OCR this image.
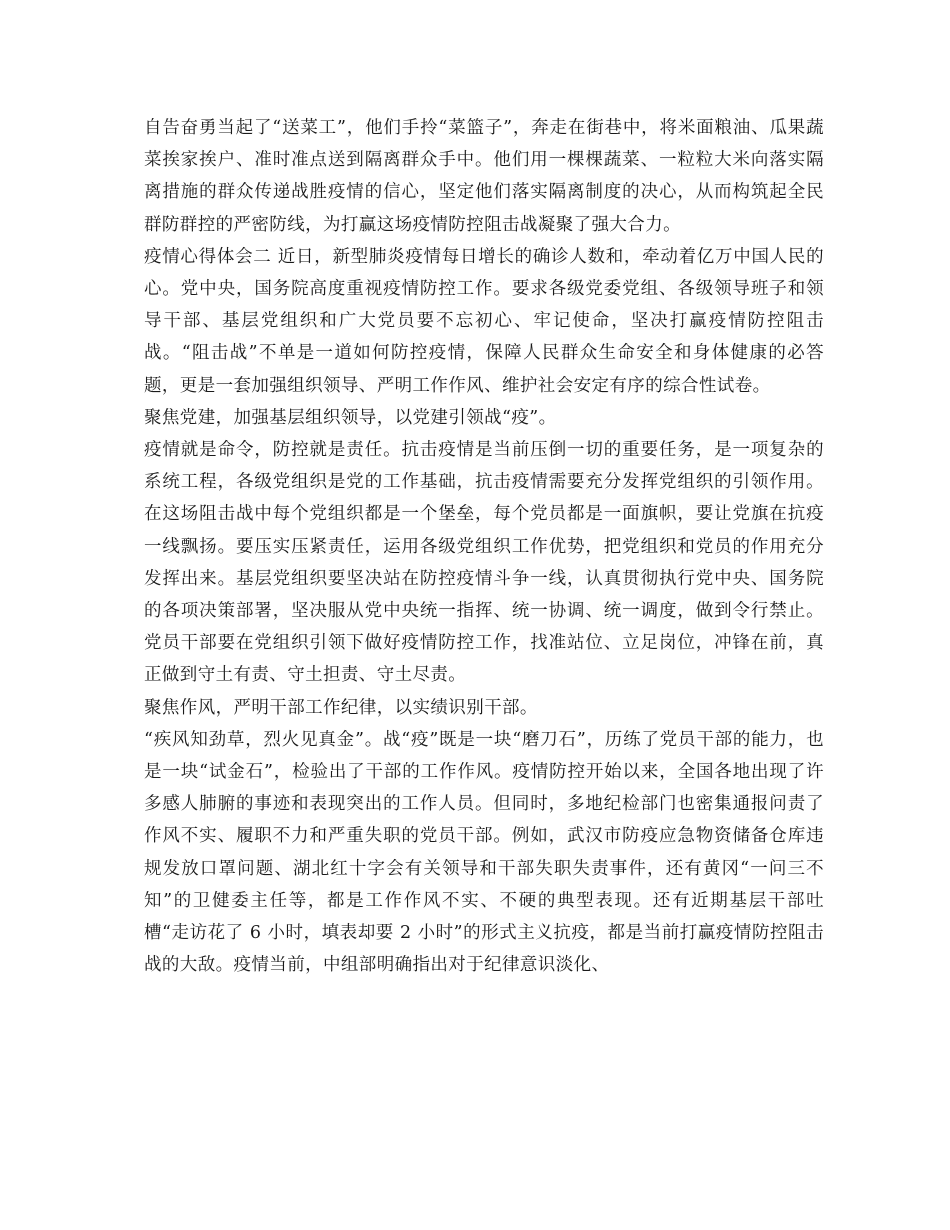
自告奋勇当起了“送菜工”，他们手拎“菜篮子”，奔走在街巷中，将米面粮油、瓜果蔬菜挨家挨户、准时准点送到隔离群众手中。他们用一棵棵蔬菜、一粒粒大米向落实隔离措施的群众传递战胜疫情的信心，坚定他们落实隔离制度的决心，从而构筑起全民群防群控的严密防线，为打赢这场疫情防控阻击战凝聚了强大合力。

疫情心得体会二 近日，新型肺炎疫情每日增长的确诊人数和，牵动着亿万中国人民的心。党中央，国务院高度重视疫情防控工作。要求各级党委党组、各级领导班子和领导干部、基层党组织和广大党员要不忘初心、牢记使命，坚决打赢疫情防控阻击战。“阻击战”不单是一道如何防控疫情，保障人民群众生命安全和身体健康的必答题，更是一套加强组织领导、严明工作作风、维护社会安定有序的综合性试卷。

聚焦党建，加强基层组织领导，以党建引领战“疫”。

疫情就是命令，防控就是责任。抗击疫情是当前压倒一切的重要任务，是一项复杂的系统工程，各级党组织是党的工作基础，抗击疫情需要充分发挥党组织的引领作用。在这场阻击战中每个党组织都是一个堡垒，每个党员都是一面旗帜，要让党旗在抗疫一线飘扬。要压实压紧责任，运用各级党组织工作优势，把党组织和党员的作用充分发挥出来。基层党组织要坚决站在防控疫情斗争一线，认真贯彻执行党中央、国务院的各项决策部署，坚决服从党中央统一指挥、统一协调、统一调度，做到令行禁止。党员干部要在党组织引领下做好疫情防控工作，找准站位、立足岗位，冲锋在前，真正做到守土有责、守土担责、守土尽责。

聚焦作风，严明干部工作纪律，以实绩识别干部。

“疾风知劲草，烈火见真金”。战“疫”既是一块“磨刀石”，历练了党员干部的能力，也是一块“试金石”，检验出了干部的工作作风。疫情防控开始以来，全国各地出现了许多感人肺腑的事迹和表现突出的工作人员。但同时，多地纪检部门也密集通报问责了作风不实、履职不力和严重失职的党员干部。例如，武汉市防疫应急物资储备仓库违规发放口罩问题、湖北红十字会有关领导和干部失职失责事件，还有黄冈“一问三不知”的卫健委主任等，都是工作作风不实、不硬的典型表现。还有近期基层干部吐槽“走访花了 6 小时，填表却要 2 小时”的形式主义抗疫，都是当前打赢疫情防控阻击战的大敌。疫情当前，中组部明确指出对于纪律意识淡化、
